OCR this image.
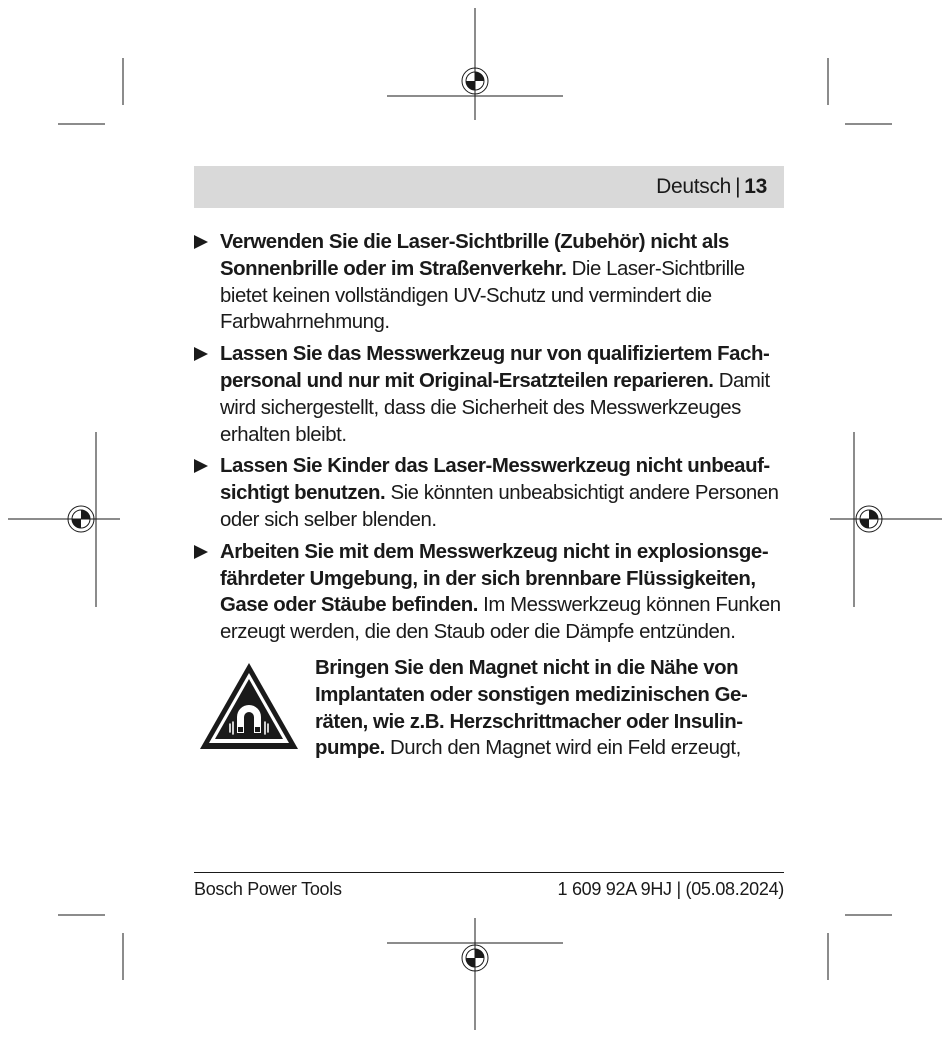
Deutsch | 13
Verwenden Sie die Laser-Sichtbrille (Zubehör) nicht als Sonnenbrille oder im Straßenverkehr. Die Laser-Sichtbrille bietet keinen vollständigen UV-Schutz und vermindert die Farbwahrnehmung.
Lassen Sie das Messwerkzeug nur von qualifiziertem Fachpersonal und nur mit Original-Ersatzteilen reparieren. Damit wird sichergestellt, dass die Sicherheit des Messwerkzeuges erhalten bleibt.
Lassen Sie Kinder das Laser-Messwerkzeug nicht unbeaufsichtigt benutzen. Sie könnten unbeabsichtigt andere Personen oder sich selber blenden.
Arbeiten Sie mit dem Messwerkzeug nicht in explosionsgefährdeter Umgebung, in der sich brennbare Flüssigkeiten, Gase oder Stäube befinden. Im Messwerkzeug können Funken erzeugt werden, die den Staub oder die Dämpfe entzünden.
Bringen Sie den Magnet nicht in die Nähe von Implantaten oder sonstigen medizinischen Geräten, wie z.B. Herzschrittmacher oder Insulinpumpe. Durch den Magnet wird ein Feld erzeugt,
Bosch Power Tools	1 609 92A 9HJ | (05.08.2024)
